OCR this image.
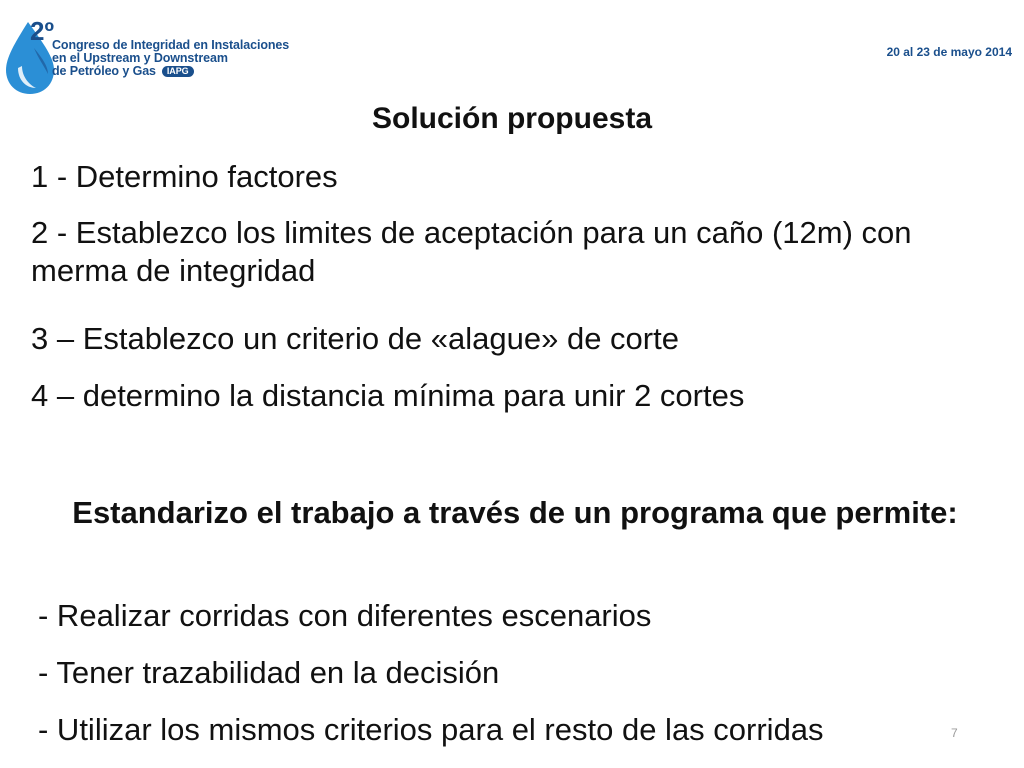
2º
Congreso de Integridad en Instalaciones
en el Upstream y Downstream
de Petróleo y Gas IAPG
20 al 23 de mayo 2014
Solución propuesta
1 - Determino factores
2 - Establezco los limites de aceptación para un caño (12m) con merma de integridad
3 – Establezco un criterio de «alague» de corte
4 – determino la distancia mínima para unir 2 cortes
Estandarizo el trabajo a través de un programa que permite:
- Realizar corridas con diferentes escenarios
- Tener trazabilidad en la decisión
- Utilizar los mismos criterios para el resto de las corridas	7
